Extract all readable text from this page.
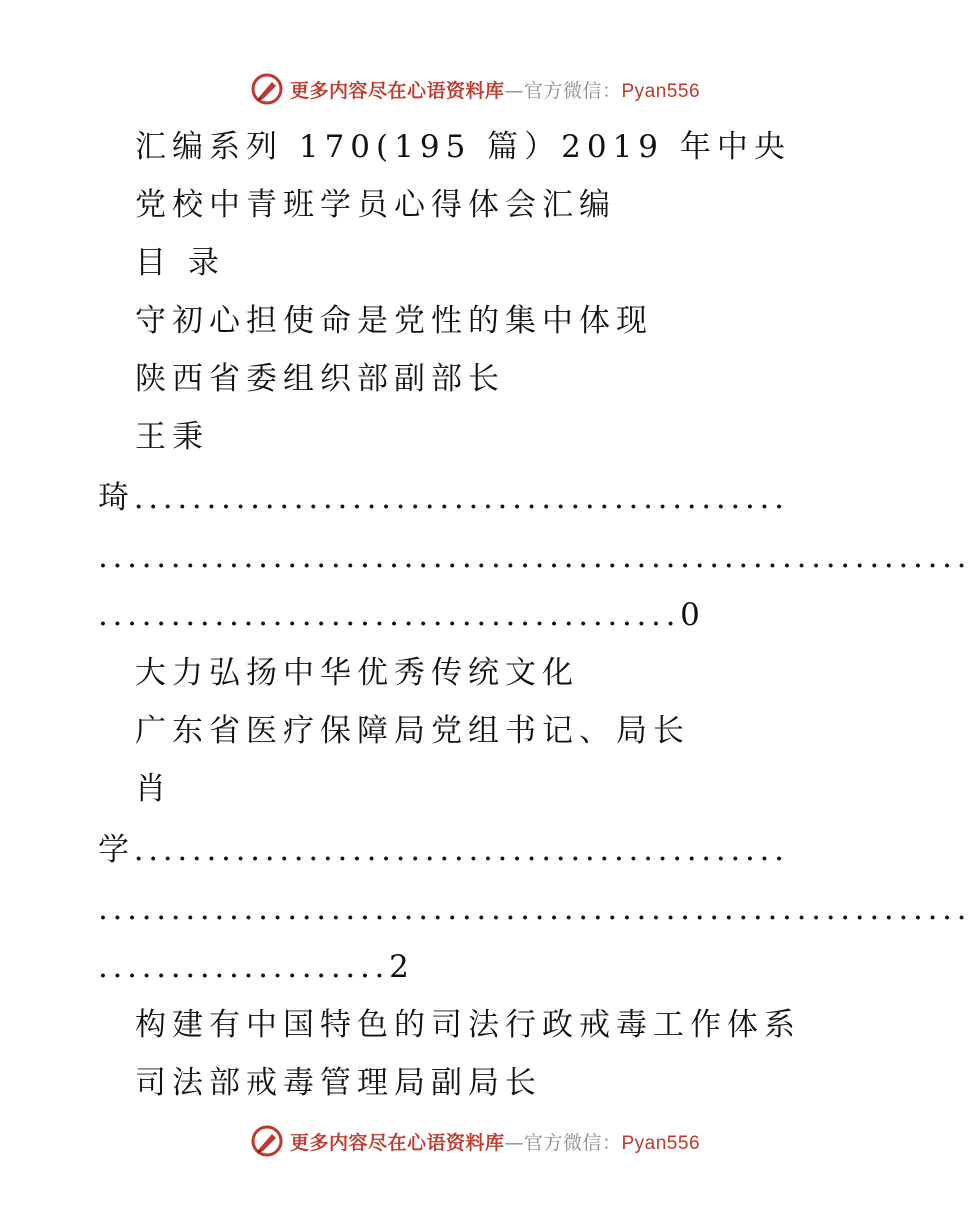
更多内容尽在心语资料库—官方微信：Pyan556
汇编系列 170(195 篇）2019 年中央
党校中青班学员心得体会汇编
目 录
守初心担使命是党性的集中体现
陕西省委组织部副部长
王秉
琦.............................................
............................................................
........................................0
大力弘扬中华优秀传统文化
广东省医疗保障局党组书记、局长
肖
学.............................................
............................................................
....................2
构建有中国特色的司法行政戒毒工作体系
司法部戒毒管理局副局长
更多内容尽在心语资料库—官方微信：Pyan556
